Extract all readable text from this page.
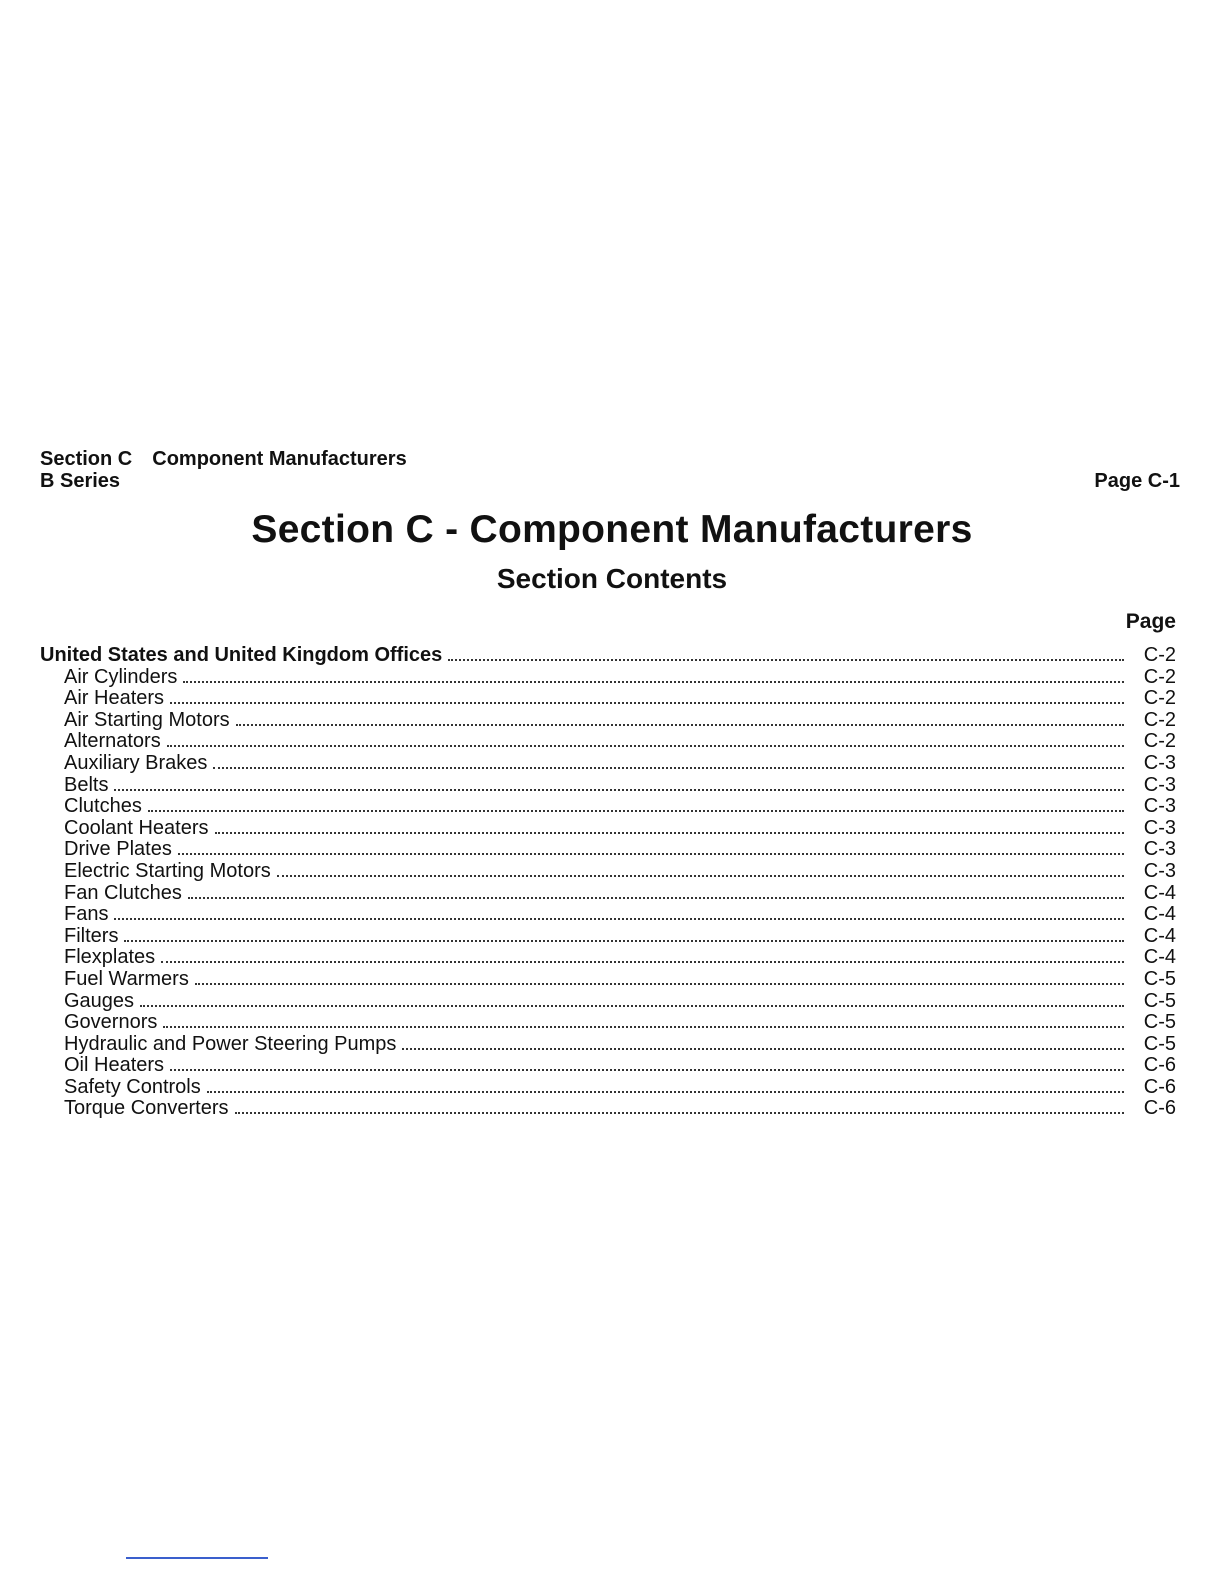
Section C Component Manufacturers
B Series	Page C-1
Section C - Component Manufacturers
Section Contents
Page
United States and United Kingdom Offices	C-2
Air Cylinders	C-2
Air Heaters	C-2
Air Starting Motors	C-2
Alternators	C-2
Auxiliary Brakes	C-3
Belts	C-3
Clutches	C-3
Coolant Heaters	C-3
Drive Plates	C-3
Electric Starting Motors	C-3
Fan Clutches	C-4
Fans	C-4
Filters	C-4
Flexplates	C-4
Fuel Warmers	C-5
Gauges	C-5
Governors	C-5
Hydraulic and Power Steering Pumps	C-5
Oil Heaters	C-6
Safety Controls	C-6
Torque Converters	C-6
